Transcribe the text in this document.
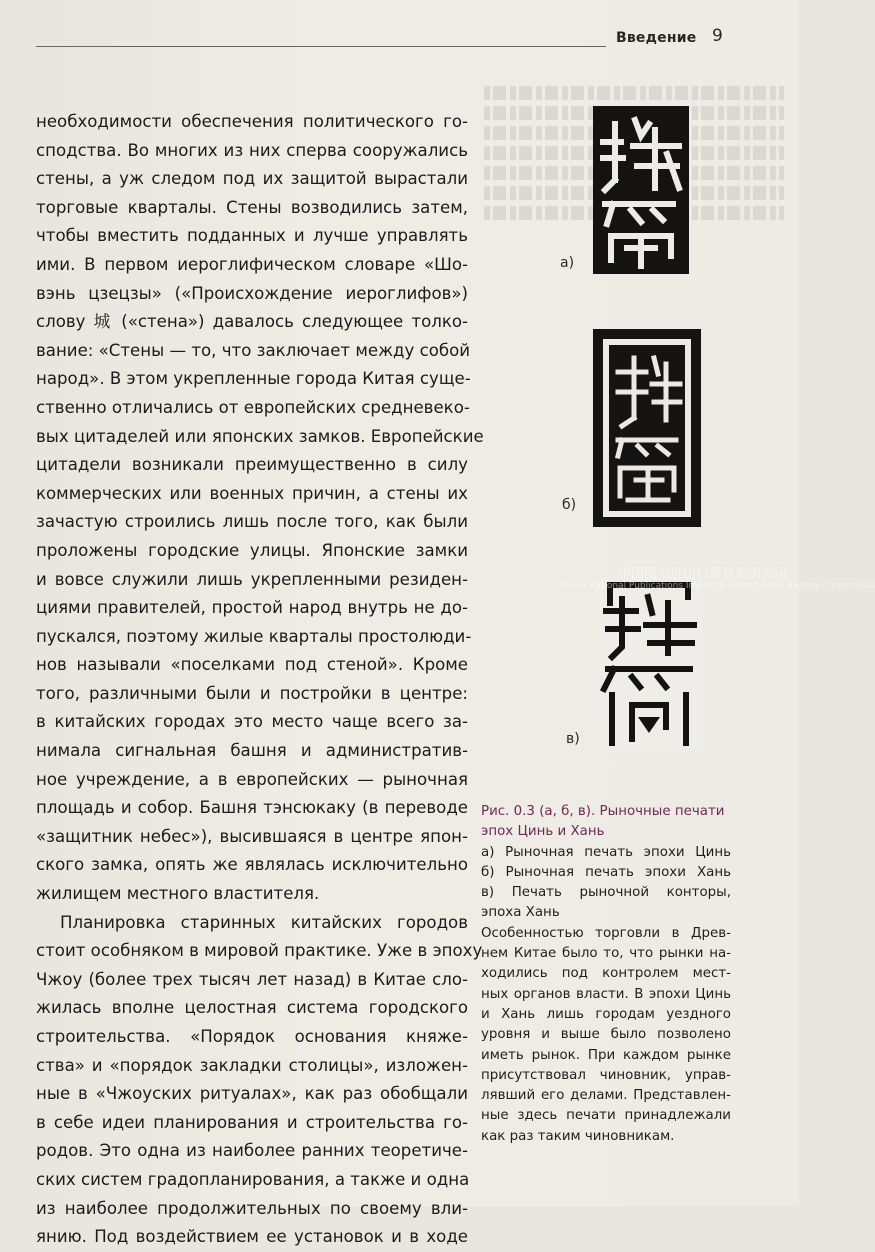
Введение 9
необходимости обеспечения политического го-
сподства. Во многих из них сперва сооружались
стены, а уж следом под их защитой вырастали
торговые кварталы. Стены возводились затем,
чтобы вместить подданных и лучше управлять
ими. В первом иероглифическом словаре «Шо-
вэнь цзецзы» («Происхождение иероглифов»)
слову 城 («стена») давалось следующее толко-
вание: «Стены — то, что заключает между собой
народ». В этом укрепленные города Китая суще-
ственно отличались от европейских средневеко-
вых цитаделей или японских замков. Европейские
цитадели возникали преимущественно в силу
коммерческих или военных причин, а стены их
зачастую строились лишь после того, как были
проложены городские улицы. Японские замки
и вовсе служили лишь укрепленными резиден-
циями правителей, простой народ внутрь не до-
пускался, поэтому жилые кварталы простолюди-
нов называли «поселками под стеной». Кроме
того, различными были и постройки в центре:
в китайских городах это место чаще всего за-
нимала сигнальная башня и административ-
ное учреждение, а в европейских — рыночная
площадь и собор. Башня тэнсюкаку (в переводе
«защитник небес»), высившаяся в центре япон-
ского замка, опять же являлась исключительно
жилищем местного властителя.
Планировка старинных китайских городов
стоит особняком в мировой практике. Уже в эпоху
Чжоу (более трех тысяч лет назад) в Китае сло-
жилась вполне целостная система городского
строительства. «Порядок основания княже-
ства» и «порядок закладки столицы», изложен-
ные в «Чжоуских ритуалах», как раз обобщали
в себе идеи планирования и строительства го-
родов. Это одна из наиболее ранних теоретиче-
ских систем градопланирования, а также и одна
из наиболее продолжительных по своему вли-
янию. Под воздействием ее установок и в ходе
а)
б)
в)
中国图书进出口贸易集团公司
China National Publications Import & Export Book Trading Corporation
Рис. 0.3 (а, б, в). Рыночные печати
эпох Цинь и Хань
а) Рыночная печать эпохи Цинь
б) Рыночная печать эпохи Хань
в) Печать рыночной конторы,
эпоха Хань
Особенностью торговли в Древ-
нем Китае было то, что рынки на-
ходились под контролем мест-
ных органов власти. В эпохи Цинь
и Хань лишь городам уездного
уровня и выше было позволено
иметь рынок. При каждом рынке
присутствовал чиновник, управ-
лявший его делами. Представлен-
ные здесь печати принадлежали
как раз таким чиновникам.
